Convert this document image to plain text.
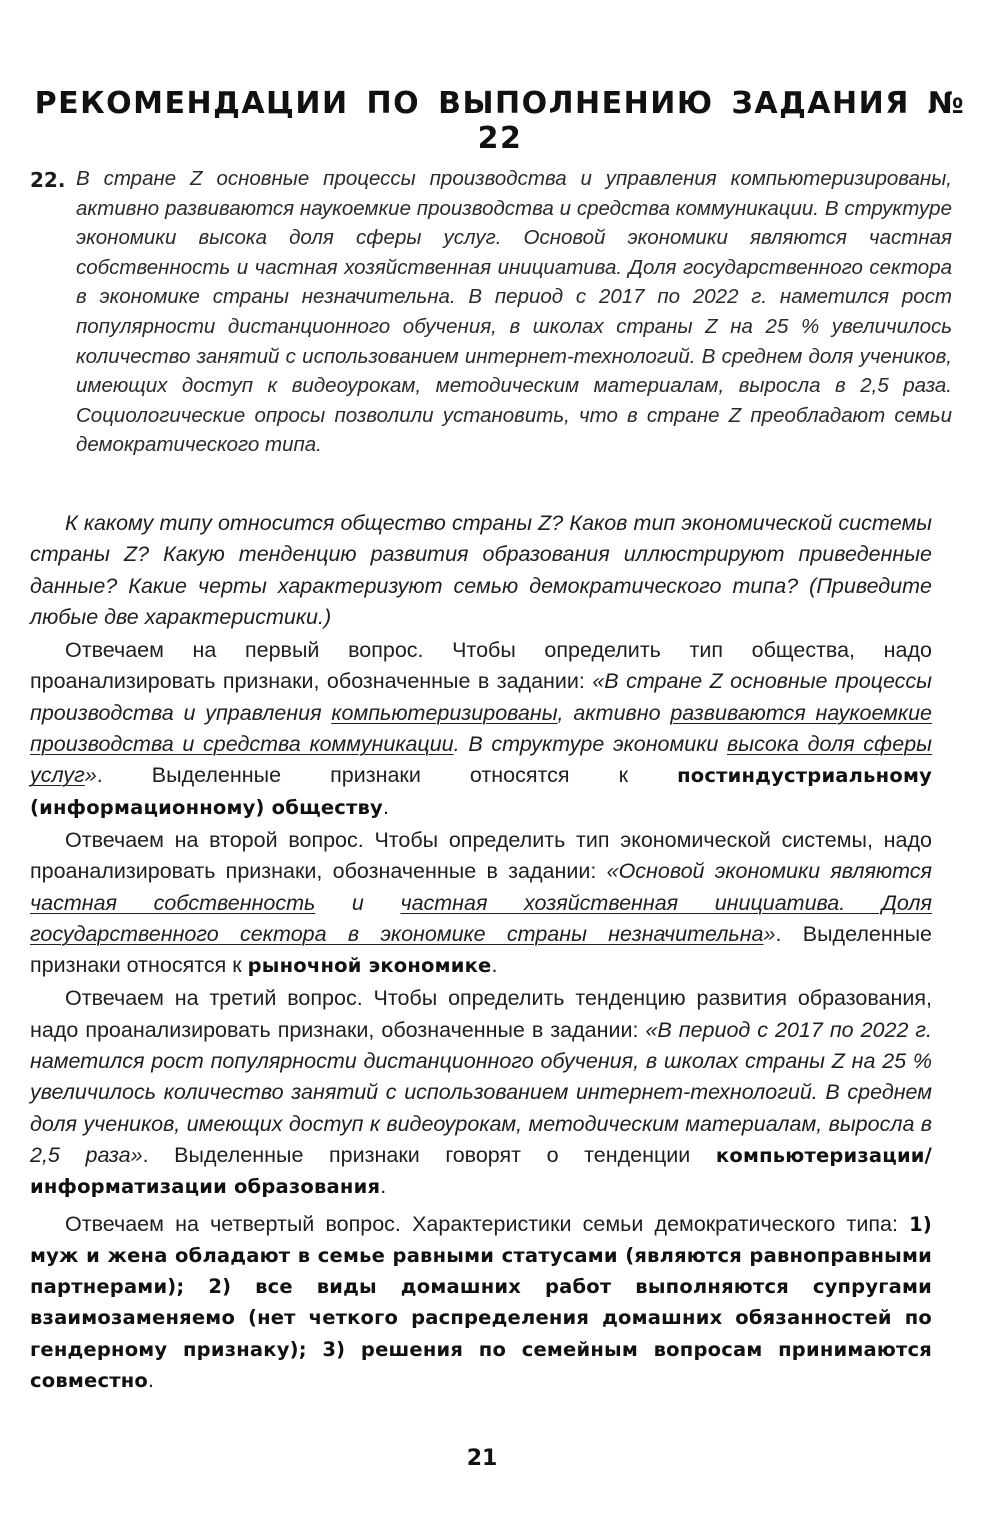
РЕКОМЕНДАЦИИ ПО ВЫПОЛНЕНИЮ ЗАДАНИЯ № 22
22. В стране Z основные процессы производства и управления компьютеризированы, активно развиваются наукоемкие производства и средства коммуникации. В структуре экономики высока доля сферы услуг. Основой экономики являются частная собственность и частная хозяйственная инициатива. Доля государственного сектора в экономике страны незначительна. В период с 2017 по 2022 г. наметился рост популярности дистанционного обучения, в школах страны Z на 25 % увеличилось количество занятий с использованием интернет-технологий. В среднем доля учеников, имеющих доступ к видеоурокам, методическим материалам, выросла в 2,5 раза. Социологические опросы позволили установить, что в стране Z преобладают семьи демократического типа.

К какому типу относится общество страны Z? Каков тип экономической системы страны Z? Какую тенденцию развития образования иллюстрируют приведенные данные? Какие черты характеризуют семью демократического типа? (Приведите любые две характеристики.)

Отвечаем на первый вопрос. Чтобы определить тип общества, надо проанализировать признаки, обозначенные в задании: «В стране Z основные процессы производства и управления компьютеризированы, активно развиваются наукоемкие производства и средства коммуникации. В структуре экономики высока доля сферы услуг». Выделенные признаки относятся к постиндустриальному (информационному) обществу.

Отвечаем на второй вопрос. Чтобы определить тип экономической системы, надо проанализировать признаки, обозначенные в задании: «Основой экономики являются частная собственность и частная хозяйственная инициатива. Доля государственного сектора в экономике страны незначительна». Выделенные признаки относятся к рыночной экономике.

Отвечаем на третий вопрос. Чтобы определить тенденцию развития образования, надо проанализировать признаки, обозначенные в задании: «В период с 2017 по 2022 г. наметился рост популярности дистанционного обучения, в школах страны Z на 25 % увеличилось количество занятий с использованием интернет-технологий. В среднем доля учеников, имеющих доступ к видеоурокам, методическим материалам, выросла в 2,5 раза». Выделенные признаки говорят о тенденции компьютеризации/информатизации образования.

Отвечаем на четвертый вопрос. Характеристики семьи демократического типа: 1) муж и жена обладают в семье равными статусами (являются равноправными партнерами); 2) все виды домашних работ выполняются супругами взаимозаменяемо (нет четкого распределения домашних обязанностей по гендерному признаку); 3) решения по семейным вопросам принимаются совместно.

21
